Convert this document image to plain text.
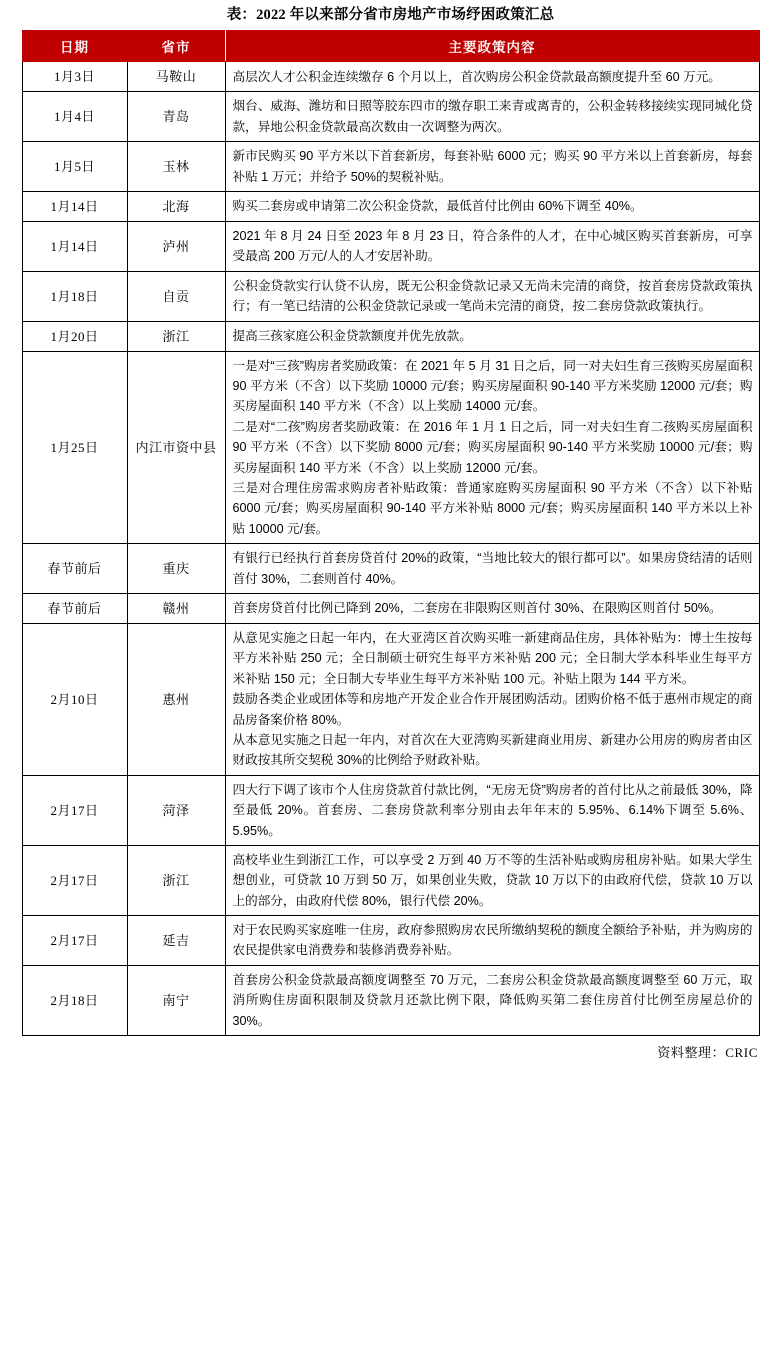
表：2022 年以来部分省市房地产市场纾困政策汇总
日期	省市	主要政策内容
1月3日	马鞍山	高层次人才公积金连续缴存 6 个月以上，首次购房公积金贷款最高额度提升至 60 万元。

1月4日	青岛	烟台、威海、潍坊和日照等胶东四市的缴存职工来青或离青的，公积金转移接续实现同城化贷款，异地公积金贷款最高次数由一次调整为两次。

1月5日	玉林	新市民购买 90 平方米以下首套新房，每套补贴 6000 元；购买 90 平方米以上首套新房，每套补贴 1 万元；并给予 50%的契税补贴。

1月14日	北海	购买二套房或申请第二次公积金贷款，最低首付比例由 60%下调至 40%。

1月14日	泸州	2021 年 8 月 24 日至 2023 年 8 月 23 日，符合条件的人才，在中心城区购买首套新房，可享受最高 200 万元/人的人才安居补助。

1月18日	自贡	公积金贷款实行认贷不认房，既无公积金贷款记录又无尚未完清的商贷，按首套房贷款政策执行；有一笔已结清的公积金贷款记录或一笔尚未完清的商贷，按二套房贷款政策执行。

1月20日	浙江	提高三孩家庭公积金贷款额度并优先放款。

1月25日	内江市资中县	一是对“三孩”购房者奖励政策：在 2021 年 5 月 31 日之后，同一对夫妇生育三孩购买房屋面积 90 平方米（不含）以下奖励 10000 元/套；购买房屋面积 90-140 平方米奖励 12000 元/套；购买房屋面积 140 平方米（不含）以上奖励 14000 元/套。

二是对“二孩”购房者奖励政策：在 2016 年 1 月 1 日之后，同一对夫妇生育二孩购买房屋面积 90 平方米（不含）以下奖励 8000 元/套；购买房屋面积 90-140 平方米奖励 10000 元/套；购买房屋面积 140 平方米（不含）以上奖励 12000 元/套。

三是对合理住房需求购房者补贴政策：普通家庭购买房屋面积 90 平方米（不含）以下补贴 6000 元/套；购买房屋面积 90-140 平方米补贴 8000 元/套；购买房屋面积 140 平方米以上补贴 10000 元/套。

春节前后	重庆	有银行已经执行首套房贷首付 20%的政策，“当地比较大的银行都可以”。如果房贷结清的话则首付 30%，二套则首付 40%。

春节前后	赣州	首套房贷首付比例已降到 20%，二套房在非限购区则首付 30%、在限购区则首付 50%。

2月10日	惠州	从意见实施之日起一年内，在大亚湾区首次购买唯一新建商品住房，具体补贴为：博士生按每平方米补贴 250 元；全日制硕士研究生每平方米补贴 200 元；全日制大学本科毕业生每平方米补贴 150 元；全日制大专毕业生每平方米补贴 100 元。补贴上限为 144 平方米。

鼓励各类企业或团体等和房地产开发企业合作开展团购活动。团购价格不低于惠州市规定的商品房备案价格 80%。

从本意见实施之日起一年内，对首次在大亚湾购买新建商业用房、新建办公用房的购房者由区财政按其所交契税 30%的比例给予财政补贴。

2月17日	菏泽	四大行下调了该市个人住房贷款首付款比例，“无房无贷”购房者的首付比从之前最低 30%，降至最低 20%。首套房、二套房贷款利率分别由去年年末的 5.95%、6.14%下调至 5.6%、5.95%。

2月17日	浙江	高校毕业生到浙江工作，可以享受 2 万到 40 万不等的生活补贴或购房租房补贴。如果大学生想创业，可贷款 10 万到 50 万，如果创业失败，贷款 10 万以下的由政府代偿，贷款 10 万以上的部分，由政府代偿 80%，银行代偿 20%。

2月17日	延吉	对于农民购买家庭唯一住房，政府参照购房农民所缴纳契税的额度全额给予补贴，并为购房的农民提供家电消费券和装修消费券补贴。

2月18日	南宁	首套房公积金贷款最高额度调整至 70 万元，二套房公积金贷款最高额度调整至 60 万元，取消所购住房面积限制及贷款月还款比例下限，降低购买第二套住房首付比例至房屋总价的 30%。

资料整理：CRIC
